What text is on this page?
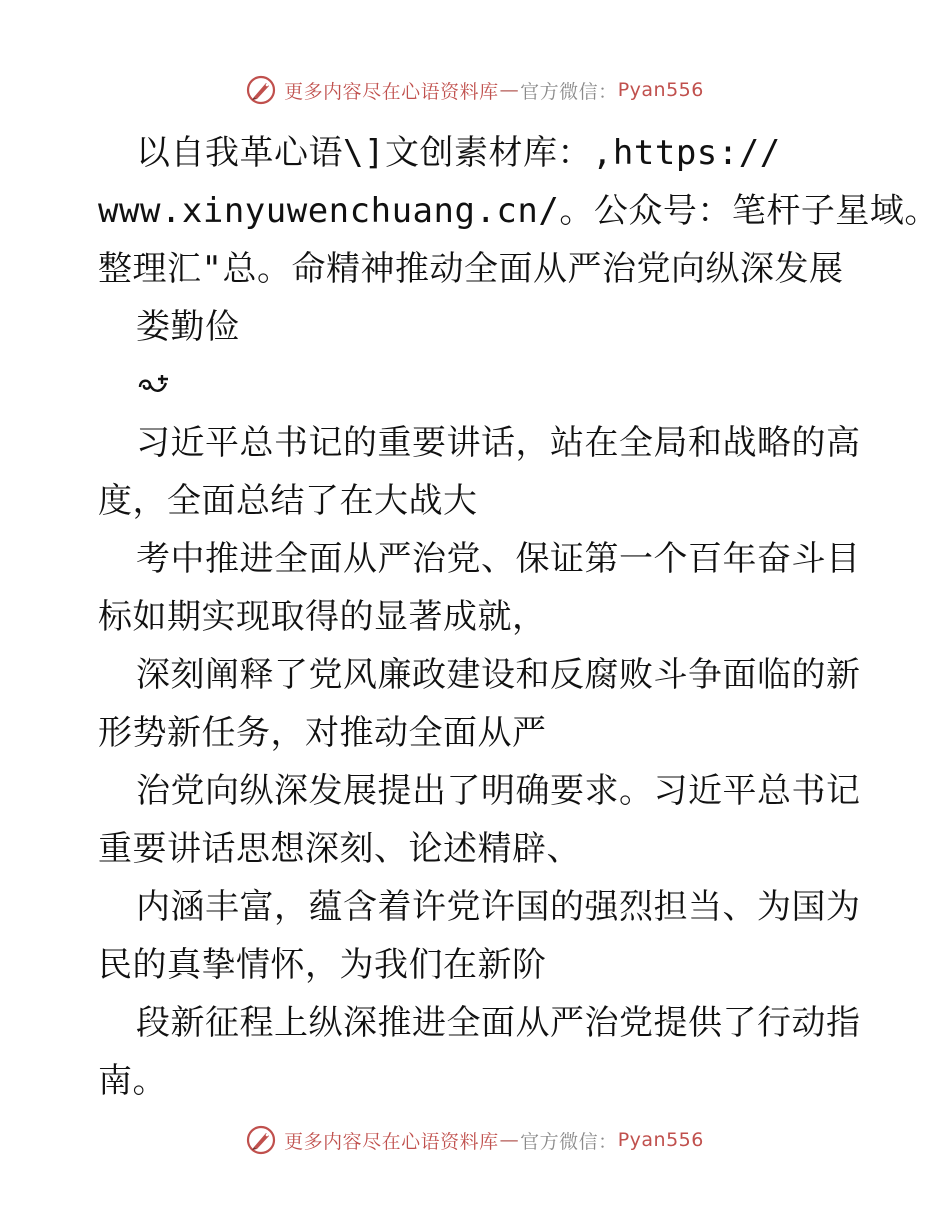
更多内容尽在心语资料库 — 官方微信： Pyan556
以自我革心语\]文创素材库：,https://
www.xinyuwenchuang.cn/。公众号：笔杆子星域。
整理汇"总。命精神推动全面从严治党向纵深发展
娄勤俭
习近平总书记的重要讲话，站在全局和战略的高
度，全面总结了在大战大
考中推进全面从严治党、保证第一个百年奋斗目
标如期实现取得的显著成就，
深刻阐释了党风廉政建设和反腐败斗争面临的新
形势新任务，对推动全面从严
治党向纵深发展提出了明确要求。习近平总书记
重要讲话思想深刻、论述精辟、
内涵丰富，蕴含着许党许国的强烈担当、为国为
民的真挚情怀，为我们在新阶
段新征程上纵深推进全面从严治党提供了行动指
南。
更多内容尽在心语资料库 — 官方微信： Pyan556
